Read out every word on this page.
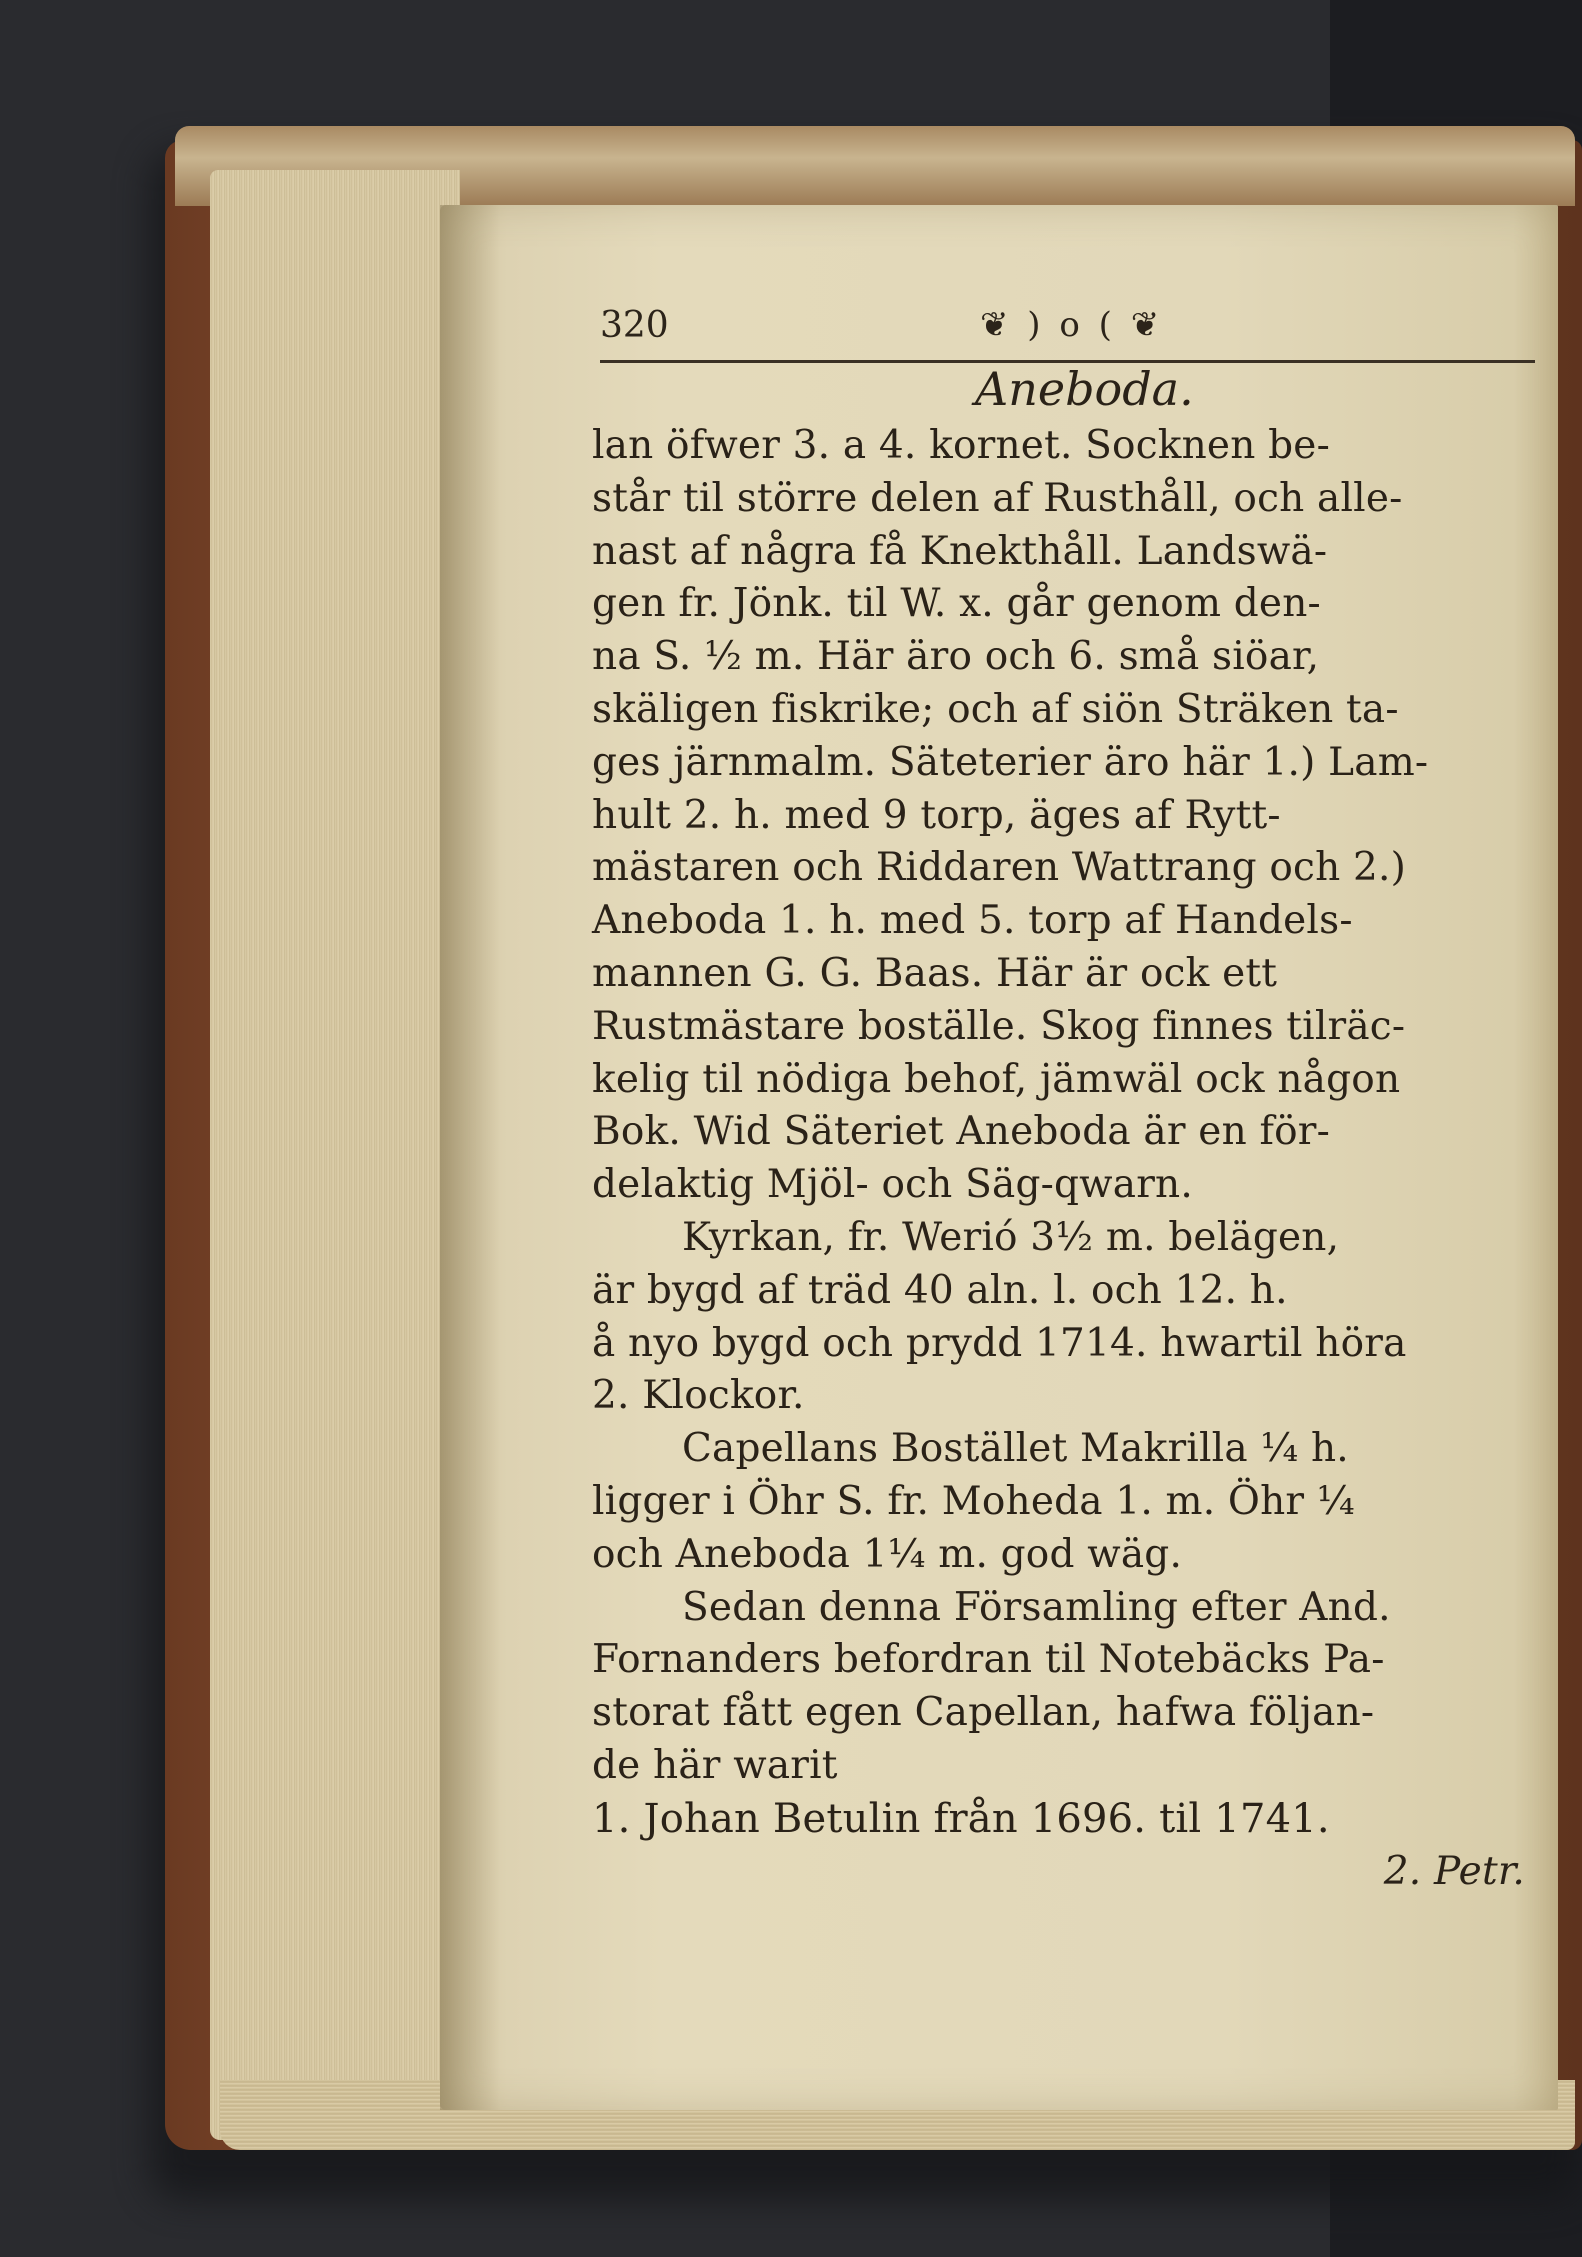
320	❦ ) o ( ❦
Aneboda.
lan öfwer 3. a 4. kornet. Socknen be-
står til större delen af Rusthåll, och alle-
nast af några få Knekthåll. Landswä-
gen fr. Jönk. til W. x. går genom den-
na S. ½ m. Här äro och 6. små siöar,
skäligen fiskrike; och af siön Sträken ta-
ges järnmalm. Säteterier äro här 1.) Lam-
hult 2. h. med 9 torp, äges af Rytt-
mästaren och Riddaren Wattrang och 2.)
Aneboda 1. h. med 5. torp af Handels-
mannen G. G. Baas. Här är ock ett
Rustmästare boställe. Skog finnes tilräc-
kelig til nödiga behof, jämwäl ock någon
Bok. Wid Säteriet Aneboda är en för-
delaktig Mjöl- och Säg-qwarn.
Kyrkan, fr. Werió 3½ m. belägen,
är bygd af träd 40 aln. l. och 12. h.
å nyo bygd och prydd 1714. hwartil höra
2. Klockor.
Capellans Bostället Makrilla ¼ h.
ligger i Öhr S. fr. Moheda 1. m. Öhr ¼
och Aneboda 1¼ m. god wäg.
Sedan denna Församling efter And.
Fornanders befordran til Notebäcks Pa-
storat fått egen Capellan, hafwa följan-
de här warit
1. Johan Betulin från 1696. til 1741.
2. Petr.
